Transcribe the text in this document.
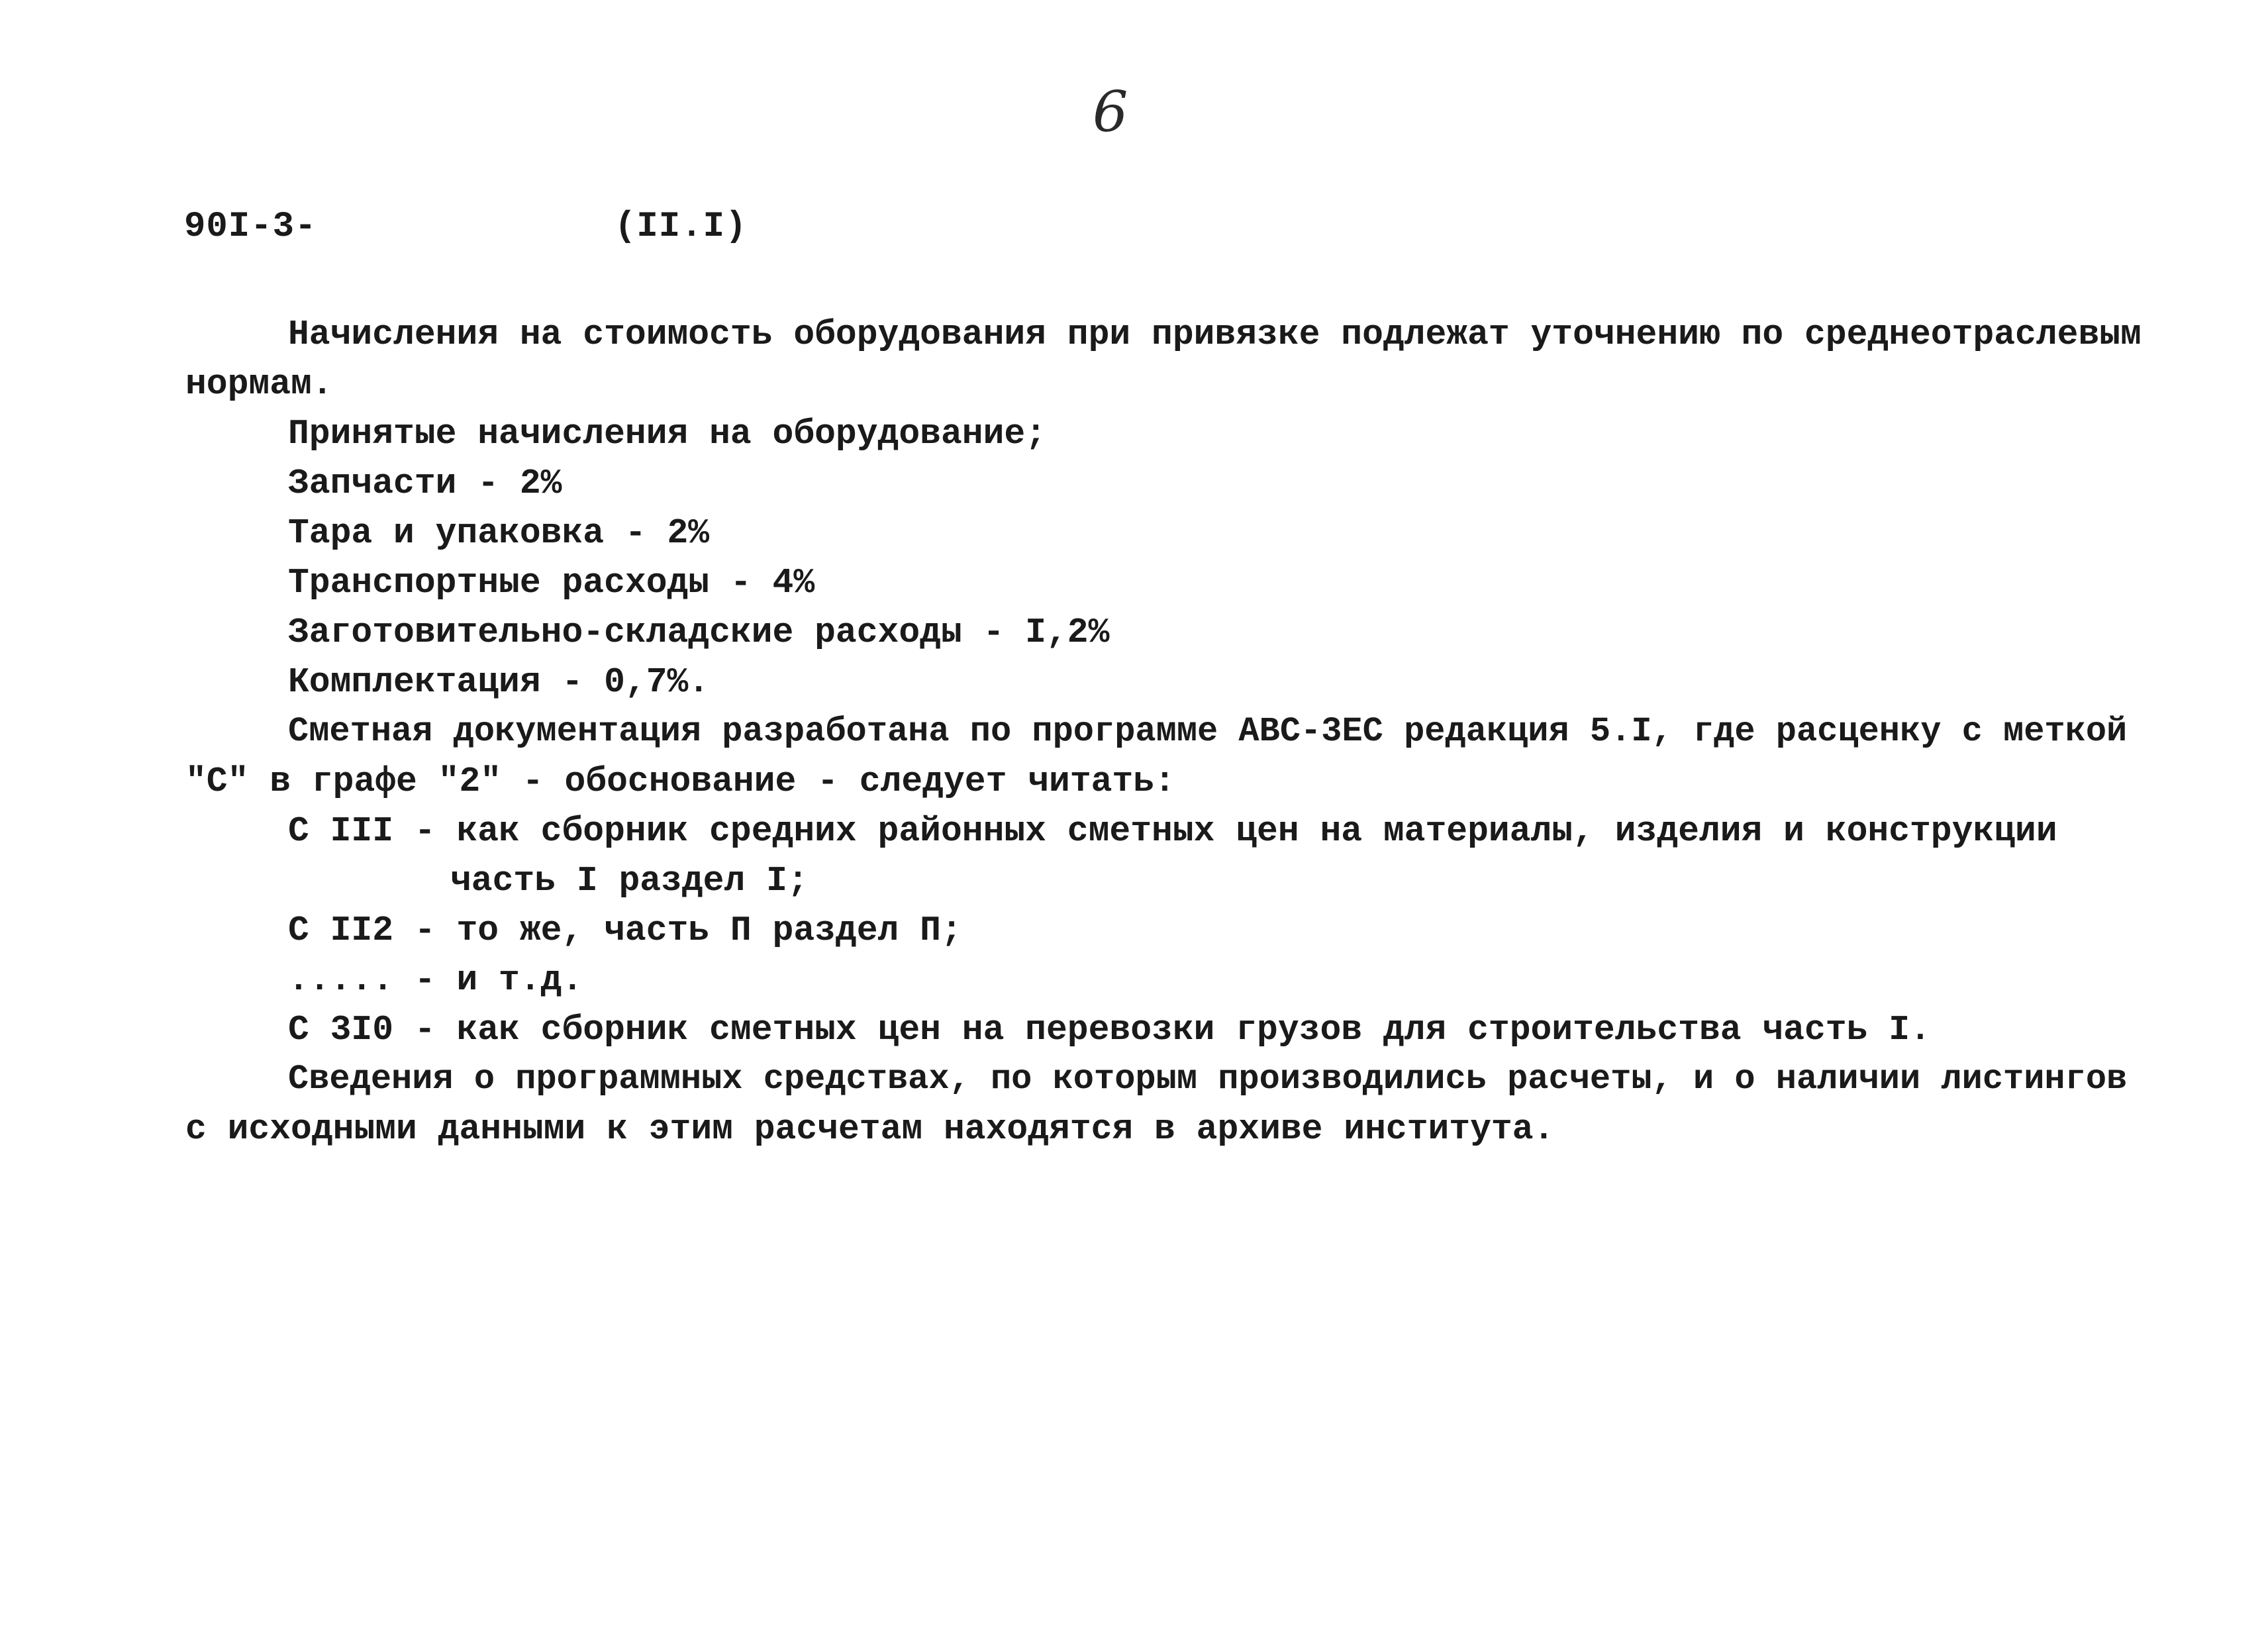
6
90I-3-	(II.I)
Начисления на стоимость оборудования при привязке подлежат уточнению по среднеотраслевым
нормам.
Принятые начисления на оборудование;
Запчасти - 2%
Тара и упаковка - 2%
Транспортные расходы - 4%
Заготовительно-складские расходы - I,2%
Комплектация - 0,7%.
Сметная документация разработана по программе АВС-3ЕС редакция 5.I, где расценку с меткой
"С" в графе "2" - обоснование - следует читать:
С III - как сборник средних районных сметных цен на материалы, изделия и конструкции
часть I раздел I;
С II2 - то же, часть П раздел П;
..... - и т.д.
С 3I0 - как сборник сметных цен на перевозки грузов для строительства часть I.
Сведения о программных средствах, по которым производились расчеты, и о наличии листингов
с исходными данными к этим расчетам находятся в архиве института.
